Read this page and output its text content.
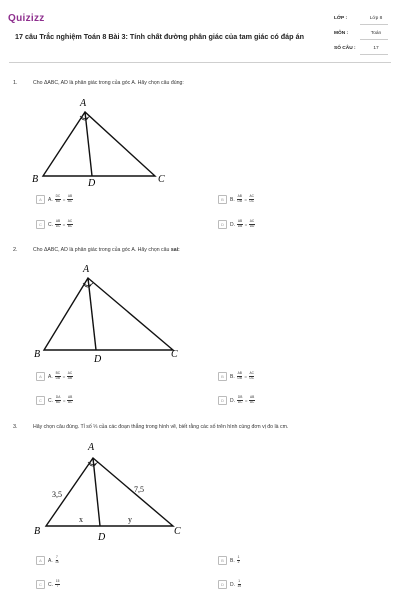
Quizizz
17 câu Trắc nghiệm Toán 8 Bài 3: Tính chất đường phân giác của tam giác có đáp án
LỚP :	Lớp 8
MÔN :	Toán
SỐ CÂU :	17
1.	Cho ΔABC, AD là phân giác trong của góc A. Hãy chọn câu đúng:
A
B	C
D
A A. $\frac{DC}{BD} = \frac{AB}{AC}$	B B. $\frac{AB}{DB} = \frac{AC}{DC}$
C C. $\frac{AB}{DC} = \frac{AC}{BC}$	D D. $\frac{AB}{DB} = \frac{AC}{DD}$
2.	Cho ΔABC, AD là phân giác trong của góc A. Hãy chọn câu sai:
A
B	C
D
A A. $\frac{BC}{DB} = \frac{AC}{AB}$	B B. $\frac{AB}{DB} = \frac{AC}{DC}$
C C. $\frac{DA}{BD} = \frac{AB}{AC}$	D D. $\frac{DB}{DC} = \frac{AB}{AC}$
3.	Hãy chọn câu đúng. Tỉ số ⅓ của các đoạn thẳng trong hình vẽ, biết rằng các số trên hình cùng đơn vị đo là cm.
A
B	C
D
3,5
7,5
x	y
A A. $\frac{7}{15}$	B B. $\frac{1}{2}$
C C. $\frac{15}{7}$	D D. $\frac{1}{15}$
